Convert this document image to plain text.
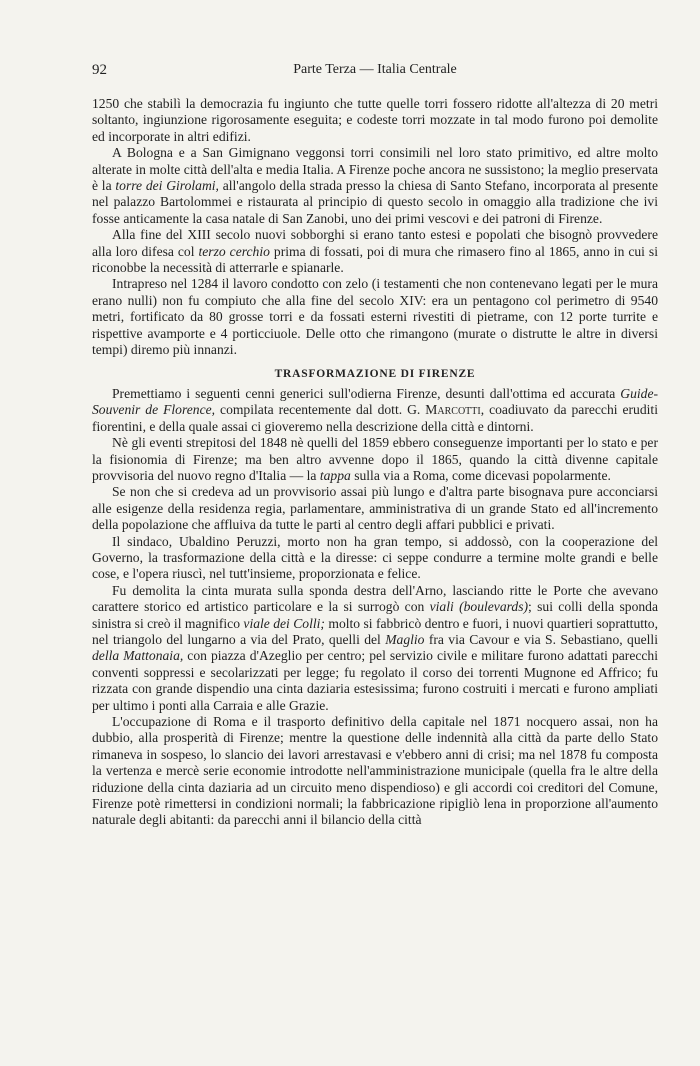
92	Parte Terza — Italia Centrale

1250 che stabilì la democrazia fu ingiunto che tutte quelle torri fossero ridotte all'altezza di 20 metri soltanto, ingiunzione rigorosamente eseguita; e codeste torri mozzate in tal modo furono poi demolite ed incorporate in altri edifizi.

A Bologna e a San Gimignano veggonsi torri consimili nel loro stato primitivo, ed altre molto alterate in molte città dell'alta e media Italia. A Firenze poche ancora ne sussistono; la meglio preservata è la torre dei Girolami, all'angolo della strada presso la chiesa di Santo Stefano, incorporata al presente nel palazzo Bartolommei e ristaurata al principio di questo secolo in omaggio alla tradizione che ivi fosse anticamente la casa natale di San Zanobi, uno dei primi vescovi e dei patroni di Firenze.

Alla fine del XIII secolo nuovi sobborghi si erano tanto estesi e popolati che bisognò provvedere alla loro difesa col terzo cerchio prima di fossati, poi di mura che rimasero fino al 1865, anno in cui si riconobbe la necessità di atterrarle e spianarle.

Intrapreso nel 1284 il lavoro condotto con zelo (i testamenti che non contenevano legati per le mura erano nulli) non fu compiuto che alla fine del secolo XIV: era un pentagono col perimetro di 9540 metri, fortificato da 80 grosse torri e da fossati esterni rivestiti di pietrame, con 12 porte turrite e rispettive avamporte e 4 porticciuole. Delle otto che rimangono (murate o distrutte le altre in diversi tempi) diremo più innanzi.

TRASFORMAZIONE DI FIRENZE

Premettiamo i seguenti cenni generici sull'odierna Firenze, desunti dall'ottima ed accurata Guide-Souvenir de Florence, compilata recentemente dal dott. G. Marcotti, coadiuvato da parecchi eruditi fiorentini, e della quale assai ci gioveremo nella descrizione della città e dintorni.

Nè gli eventi strepitosi del 1848 nè quelli del 1859 ebbero conseguenze importanti per lo stato e per la fisionomia di Firenze; ma ben altro avvenne dopo il 1865, quando la città divenne capitale provvisoria del nuovo regno d'Italia — la tappa sulla via a Roma, come dicevasi popolarmente.

Se non che si credeva ad un provvisorio assai più lungo e d'altra parte bisognava pure acconciarsi alle esigenze della residenza regia, parlamentare, amministrativa di un grande Stato ed all'incremento della popolazione che affluiva da tutte le parti al centro degli affari pubblici e privati.

Il sindaco, Ubaldino Peruzzi, morto non ha gran tempo, si addossò, con la cooperazione del Governo, la trasformazione della città e la diresse: ci seppe condurre a termine molte grandi e belle cose, e l'opera riuscì, nel tutt'insieme, proporzionata e felice.

Fu demolita la cinta murata sulla sponda destra dell'Arno, lasciando ritte le Porte che avevano carattere storico ed artistico particolare e la si surrogò con viali (boulevards); sui colli della sponda sinistra si creò il magnifico viale dei Colli; molto si fabbricò dentro e fuori, i nuovi quartieri soprattutto, nel triangolo del lungarno a via del Prato, quelli del Maglio fra via Cavour e via S. Sebastiano, quelli della Mattonaia, con piazza d'Azeglio per centro; pel servizio civile e militare furono adattati parecchi conventi soppressi e secolarizzati per legge; fu regolato il corso dei torrenti Mugnone ed Affrico; fu rizzata con grande dispendio una cinta daziaria estesissima; furono costruiti i mercati e furono ampliati per ultimo i ponti alla Carraia e alle Grazie.

L'occupazione di Roma e il trasporto definitivo della capitale nel 1871 nocquero assai, non ha dubbio, alla prosperità di Firenze; mentre la questione delle indennità alla città da parte dello Stato rimaneva in sospeso, lo slancio dei lavori arrestavasi e v'ebbero anni di crisi; ma nel 1878 fu composta la vertenza e mercè serie economie introdotte nell'amministrazione municipale (quella fra le altre della riduzione della cinta daziaria ad un circuito meno dispendioso) e gli accordi coi creditori del Comune, Firenze potè rimettersi in condizioni normali; la fabbricazione ripigliò lena in proporzione all'aumento naturale degli abitanti: da parecchi anni il bilancio della città
